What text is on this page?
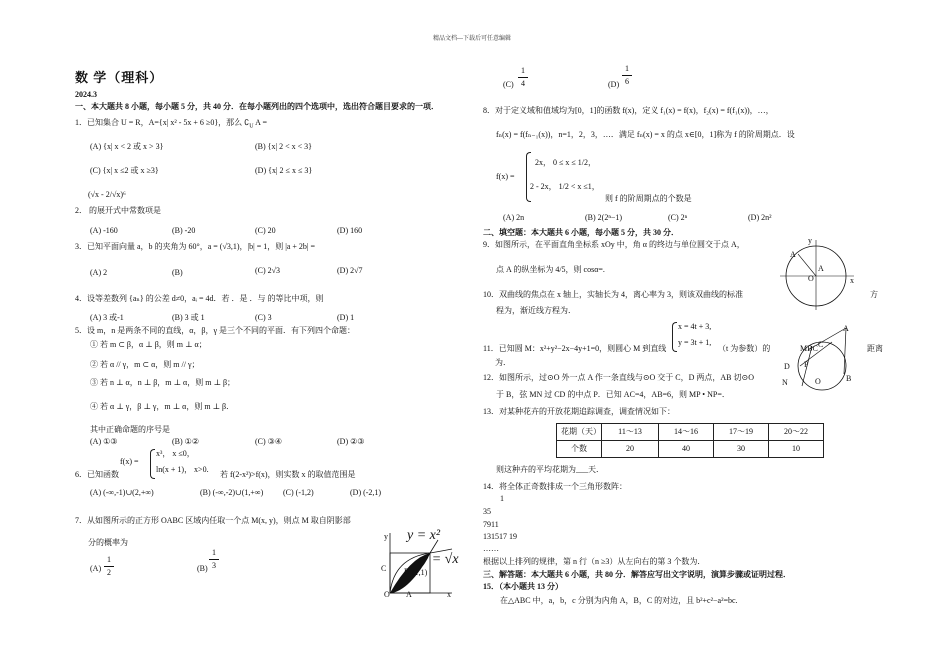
精品文档---下载后可任意编辑
数 学（理科）
2024.3
一、本大题共 8 小题，每小题 5 分，共 40 分．在每小题列出的四个选项中，选出符合题目要求的一项．
1．已知集合 U = R，A={x| x² - 5x + 6 ≥0}，那么 $∁_U$ A =
(A) {x| x < 2 或 x > 3}	(B) {x| 2 < x < 3}
(C) {x| x ≤2 或 x ≥3}	(D) {x| 2 ≤ x ≤ 3}
(√x - 2/√x)⁶
2． 的展开式中常数项是
(A) -160	(B) -20	(C) 20	(D) 160
3．已知平面向量 a，b 的夹角为 60°，a = (√3,1)，|b| = 1，则 |a + 2b| =
(A) 2	(B)	(C) 2√3	(D) 2√7
4．设等差数列 {aₙ} 的公差 d≠0，aᵢ = 4d．若 ．是 ．与 的等比中项，则
(A) 3 或-1	(B) 3 或 1	(C) 3	(D) 1
5．设 m，n 是两条不同的直线，α，β，γ 是三个不同的平面．有下列四个命题：
① 若 m ⊂ β，α ⊥ β，则 m ⊥ α；
② 若 α // γ，m ⊂ α，则 m // γ；
③ 若 n ⊥ α，n ⊥ β，m ⊥ α，则 m ⊥ β；
④ 若 α ⊥ γ，β ⊥ γ，m ⊥ α，则 m ⊥ β．
其中正确命题的序号是
(A) ①③	(B) ①②	(C) ③④	(D) ②③
f(x) =
x³， x ≤0，
ln(x + 1)， x>0.
6．已知函数	若 f(2-x²)>f(x)，则实数 x 的取值范围是
(A) (-∞,-1)∪(2,+∞)	(B) (-∞,-2)∪(1,+∞) (C) (-1,2)	(D) (-2,1)
7．从如图所示的正方形 OABC 区域内任取一个点 M(x, y)，则点 M 取自阴影部
分的概率为
(A)
1
2	(B)
1
3
y y = x²
y = √x
(1,1)
C B
O A	x
(C)
1
4	(D)
1
6
8．对于定义域和值域均为[0，1]的函数 f(x)，定义 f₁(x) = f(x)，f₂(x) = f(f₁(x))，…，
fₙ(x) = f(fₙ₋₁(x))，n=1，2，3，…．满足 fₙ(x) = x 的点 x∈[0，1]称为 f 的阶周期点．设
f(x) =
2x， 0 ≤ x ≤ 1/2，
2 - 2x， 1/2 < x ≤1，
则 f 的阶周期点的个数是
(A) 2n	(B) 2(2ⁿ−1)	(C) 2ⁿ	(D) 2n²
二、填空题：本大题共 6 小题，每小题 5 分，共 30 分．
9．如图所示，在平面直角坐标系 xOy 中，角 α 的终边与单位圆交于点 A，
点 A 的纵坐标为 4/5，则 cosα=.
y
A
A
O	x
10．双曲线的焦点在 x 轴上，实轴长为 4，离心率为 3，则该双曲线的标准	方
程为，渐近线方程为．
11．已知圆 M：x²+y²−2x−4y+1=0，则圆心 M 到直线
x = 4t + 3,
y = 3t + 1,
（t 为参数）的	距离
为．
12．如图所示，过⊙O 外一点 A 作一条直线与⊙O 交于 C，D 两点，AB 切⊙O
于 B，弦 MN 过 CD 的中点 P．已知 AC=4，AB=6，则 MP • NP=．
A
MBC C
D P
N	O	B
13．对某种花卉的开放花期追踪调查，调查情况如下：
花期（天）	11～13	14～16	17～19	20～22
个数	20	40	30	10
则这种卉的平均花期为___天．
14．将全体正奇数排成一个三角形数阵：
1
35
7911
131517 19
……
根据以上排列的规律，第 n 行（n ≥3）从左向右的第 3 个数为．
三、解答题：本大题共 6 小题，共 80 分．解答应写出文字说明，演算步骤或证明过程．
15．（本小题共 13 分）
在△ABC 中，a，b，c 分别为内角 A，B，C 的对边，且 b²+c²−a²=bc.
